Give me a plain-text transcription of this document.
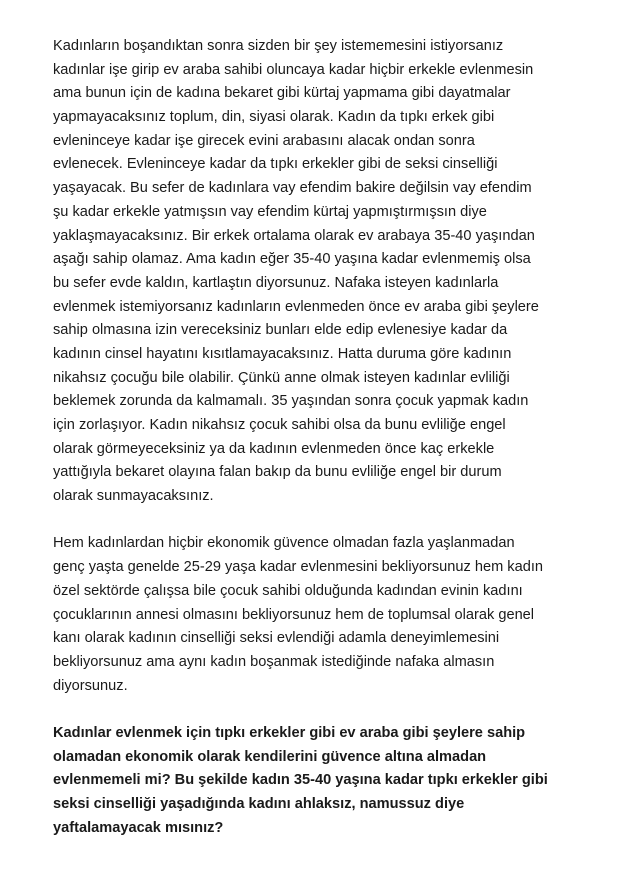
Kadınların boşandıktan sonra sizden bir şey istememesini istiyorsanız
kadınlar işe girip ev araba sahibi oluncaya kadar hiçbir erkekle evlenmesin
ama bunun için de kadına bekaret gibi kürtaj yapmama gibi dayatmalar
yapmayacaksınız toplum, din, siyasi olarak. Kadın da tıpkı erkek gibi
evleninceye kadar işe girecek evini arabasını alacak ondan sonra
evlenecek. Evleninceye kadar da tıpkı erkekler gibi de seksi cinselliği
yaşayacak. Bu sefer de kadınlara vay efendim bakire değilsin vay efendim
şu kadar erkekle yatmışsın vay efendim kürtaj yapmıştırmışsın diye
yaklaşmayacaksınız. Bir erkek ortalama olarak ev arabaya 35-40 yaşından
aşağı sahip olamaz. Ama kadın eğer 35-40 yaşına kadar evlenmemiş olsa
bu sefer evde kaldın, kartlaştın diyorsunuz. Nafaka isteyen kadınlarla
evlenmek istemiyorsanız kadınların evlenmeden önce ev araba gibi şeylere
sahip olmasına izin vereceksiniz bunları elde edip evlenesiye kadar da
kadının cinsel hayatını kısıtlamayacaksınız. Hatta duruma göre kadının
nikahsız çocuğu bile olabilir. Çünkü anne olmak isteyen kadınlar evliliği
beklemek zorunda da kalmamalı. 35 yaşından sonra çocuk yapmak kadın
için zorlaşıyor. Kadın nikahsız çocuk sahibi olsa da bunu evliliğe engel
olarak görmeyeceksiniz ya da kadının evlenmeden önce kaç erkekle
yattığıyla bekaret olayına falan bakıp da bunu evliliğe engel bir durum
olarak sunmayacaksınız.
Hem kadınlardan hiçbir ekonomik güvence olmadan fazla yaşlanmadan
genç yaşta genelde 25-29 yaşa kadar evlenmesini bekliyorsunuz hem kadın
özel sektörde çalışsa bile çocuk sahibi olduğunda kadından evinin kadını
çocuklarının annesi olmasını bekliyorsunuz hem de toplumsal olarak genel
kanı olarak kadının cinselliği seksi evlendiği adamla deneyimlemesini
bekliyorsunuz ama aynı kadın boşanmak istediğinde nafaka almasın
diyorsunuz.
Kadınlar evlenmek için tıpkı erkekler gibi ev araba gibi şeylere sahip
olamadan ekonomik olarak kendilerini güvence altına almadan
evlenmemeli mi? Bu şekilde kadın 35-40 yaşına kadar tıpkı erkekler gibi
seksi cinselliği yaşadığında kadını ahlaksız, namussuz diye
yaftalamayacak mısınız?
